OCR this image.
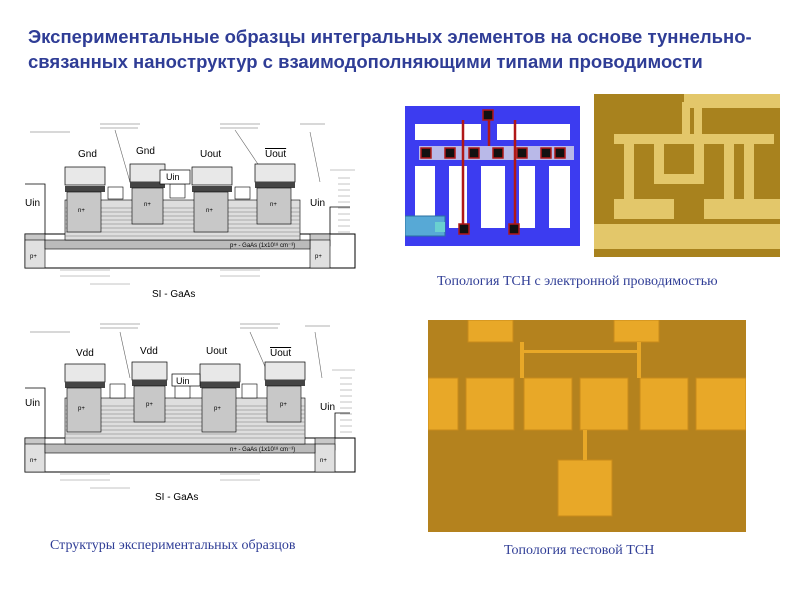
Экспериментальные образцы интегральных элементов на основе туннельно-связанных наноструктур с взаимодополняющими типами проводимости
Gnd	Gnd	Uout	Uout
Uin
Uin	Uin
n+
n+
n+
n+
p+	p+
p+ - GaAs (1x10¹⁸ cm⁻³)
SI - GaAs
Vdd	Vdd	Uout	Uout
Uin
Uin	Uin
p+
p+
p+
p+
n+	n+
n+ - GaAs (1x10¹⁸ cm⁻³)
SI - GaAs
Структуры экспериментальных образцов
Топология ТСН с электронной проводимостью
Топология тестовой ТСН
